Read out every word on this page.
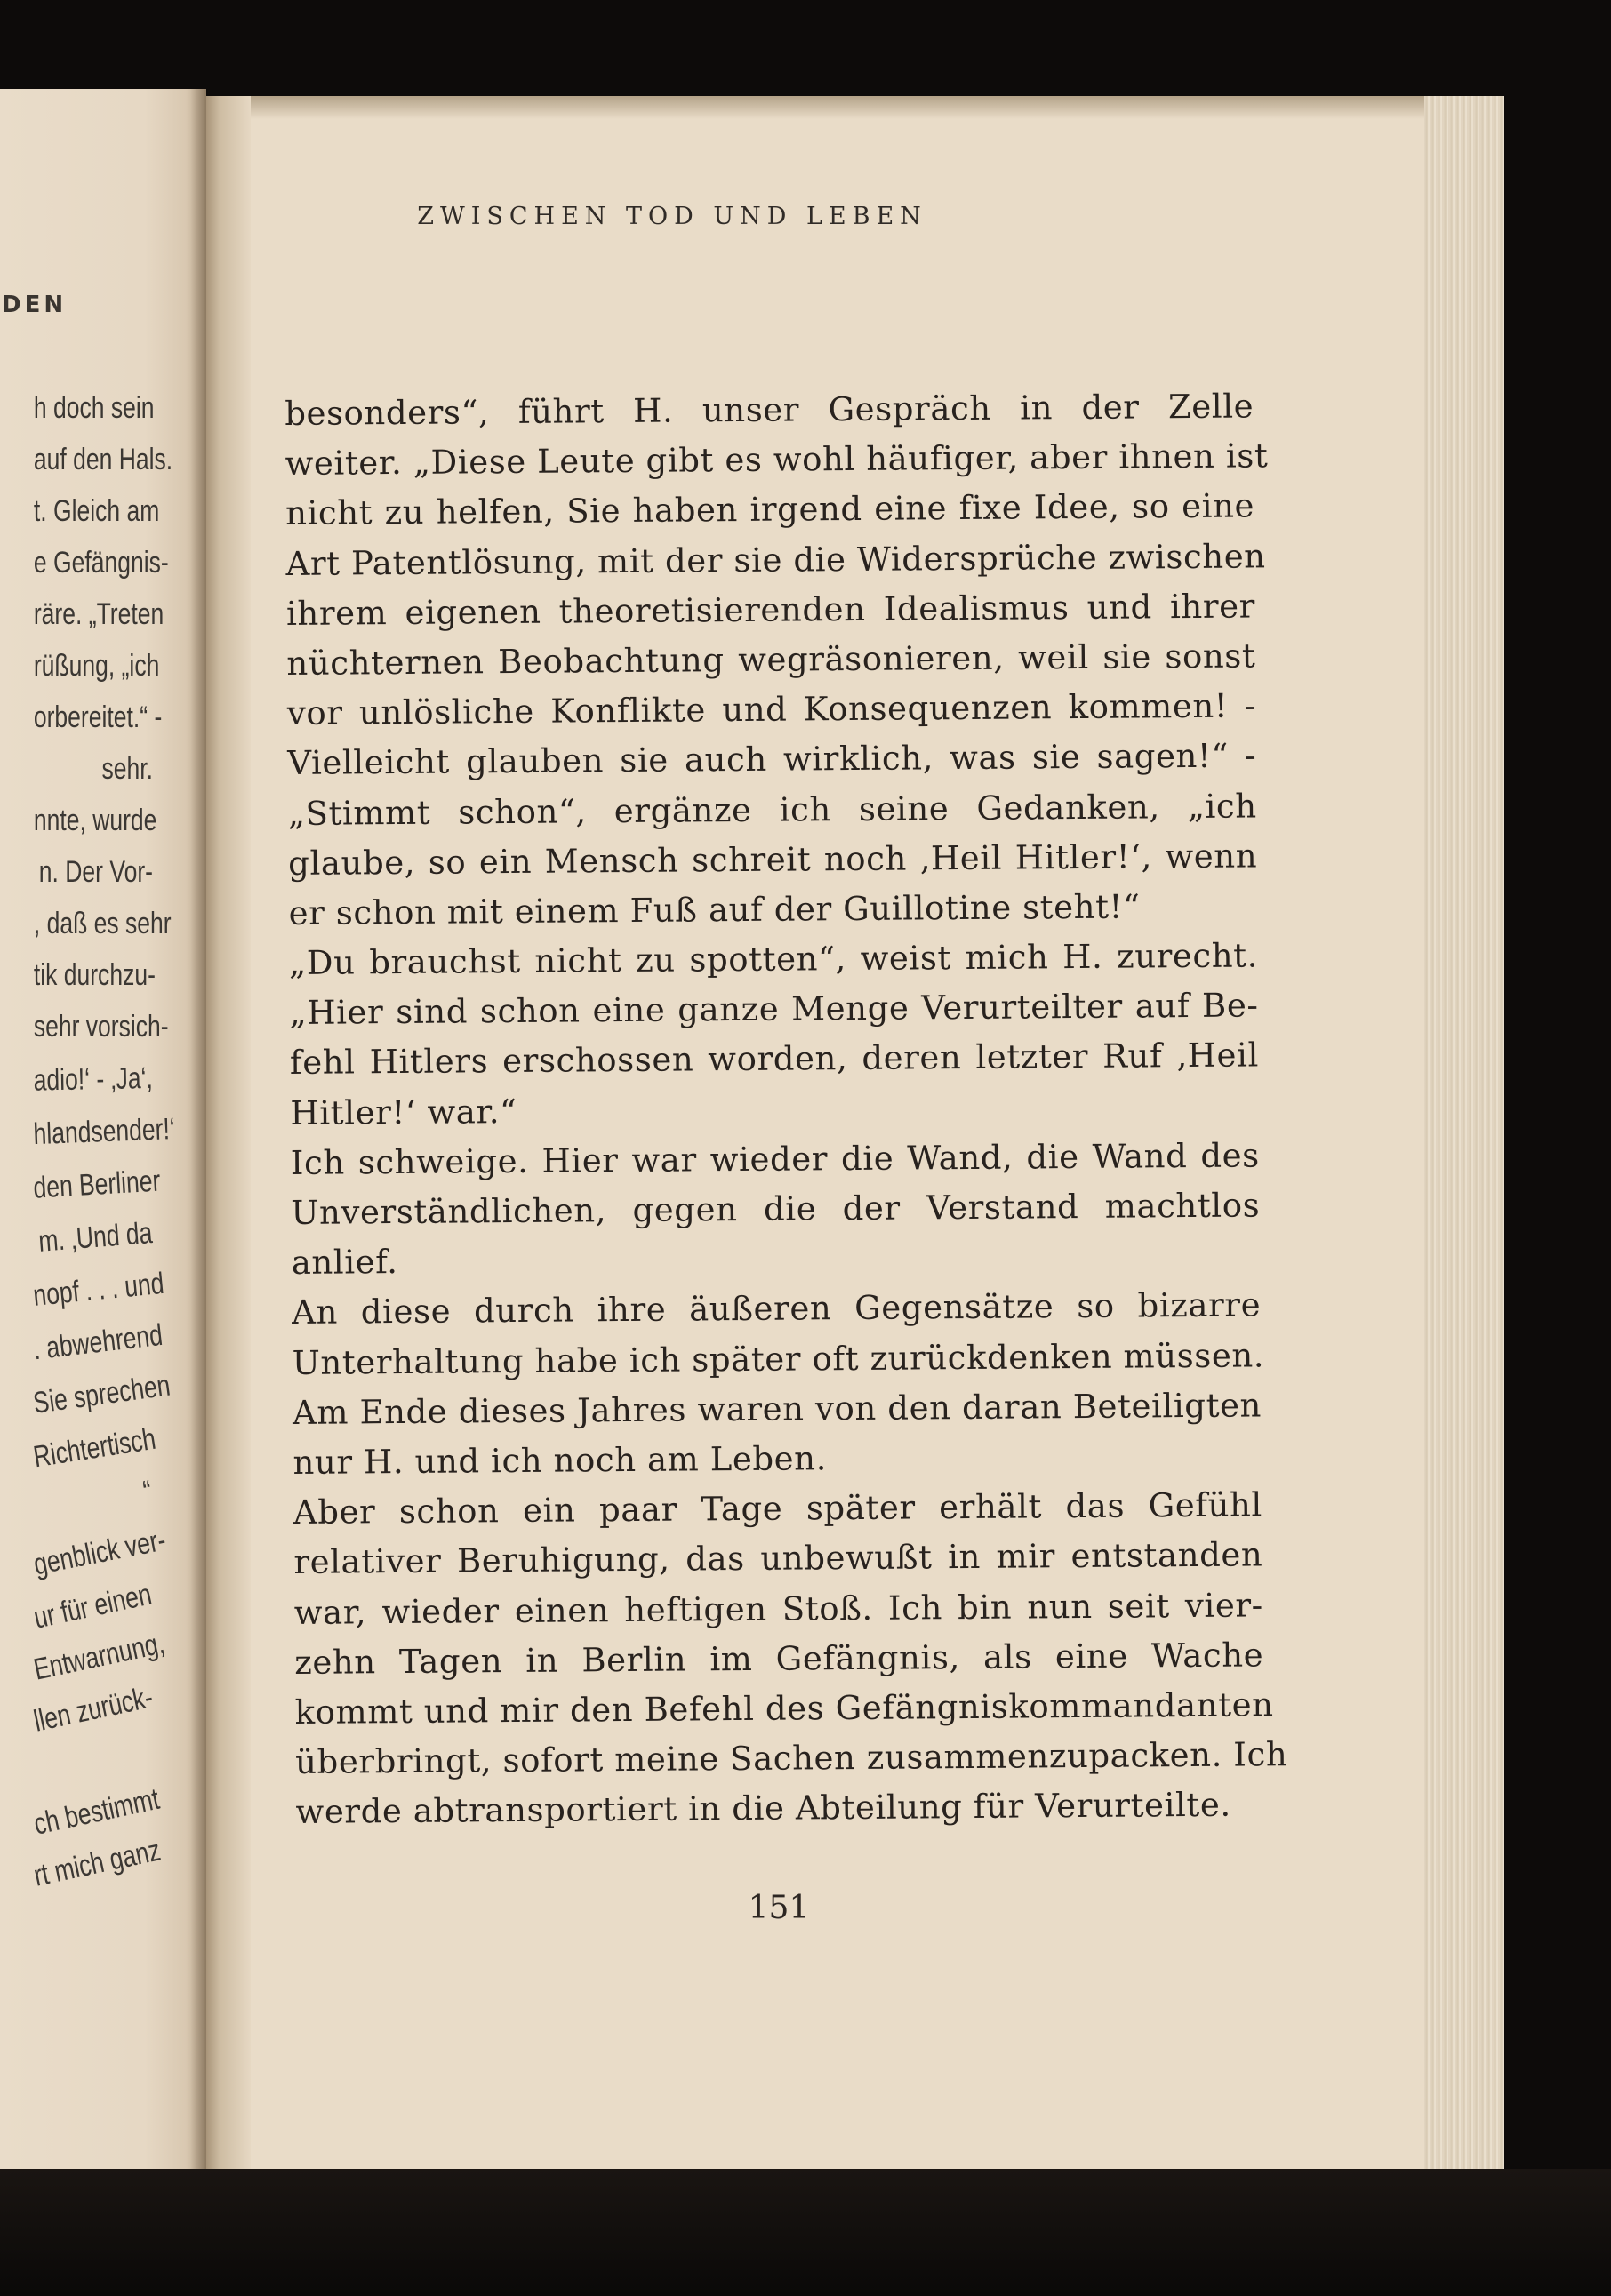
DEN
h doch sein
auf den Hals.
t. Gleich am
e Gefängnis-
räre. „Treten
rüßung, „ich
orbereitet.“ -
sehr.
nnte, wurde
n. Der Vor-
, daß es sehr
tik durchzu-
sehr vorsich-
adio!‘ - ‚Ja‘,
hlandsender!‘
den Berliner
m. ‚Und da
nopf . . . und
. abwehrend
Sie sprechen
Richtertisch
“
genblick ver-
ur für einen
Entwarnung,
llen zurück-
ch bestimmt
rt mich ganz
ZWISCHEN TOD UND LEBEN
besonders“, führt H. unser Gespräch in der Zelle
weiter. „Diese Leute gibt es wohl häufiger, aber ihnen ist
nicht zu helfen, Sie haben irgend eine fixe Idee, so eine
Art Patentlösung, mit der sie die Widersprüche zwischen
ihrem eigenen theoretisierenden Idealismus und ihrer
nüchternen Beobachtung wegräsonieren, weil sie sonst
vor unlösliche Konflikte und Konsequenzen kommen! -
Vielleicht glauben sie auch wirklich, was sie sagen!“ -
„Stimmt schon“, ergänze ich seine Gedanken, „ich
glaube, so ein Mensch schreit noch ‚Heil Hitler!‘, wenn
er schon mit einem Fuß auf der Guillotine steht!“
„Du brauchst nicht zu spotten“, weist mich H. zurecht.
„Hier sind schon eine ganze Menge Verurteilter auf Be-
fehl Hitlers erschossen worden, deren letzter Ruf ‚Heil
Hitler!‘ war.“
Ich schweige. Hier war wieder die Wand, die Wand des
Unverständlichen, gegen die der Verstand machtlos
anlief.
An diese durch ihre äußeren Gegensätze so bizarre
Unterhaltung habe ich später oft zurückdenken müssen.
Am Ende dieses Jahres waren von den daran Beteiligten
nur H. und ich noch am Leben.
Aber schon ein paar Tage später erhält das Gefühl
relativer Beruhigung, das unbewußt in mir entstanden
war, wieder einen heftigen Stoß. Ich bin nun seit vier-
zehn Tagen in Berlin im Gefängnis, als eine Wache
kommt und mir den Befehl des Gefängniskommandanten
überbringt, sofort meine Sachen zusammenzupacken. Ich
werde abtransportiert in die Abteilung für Verurteilte.
151
